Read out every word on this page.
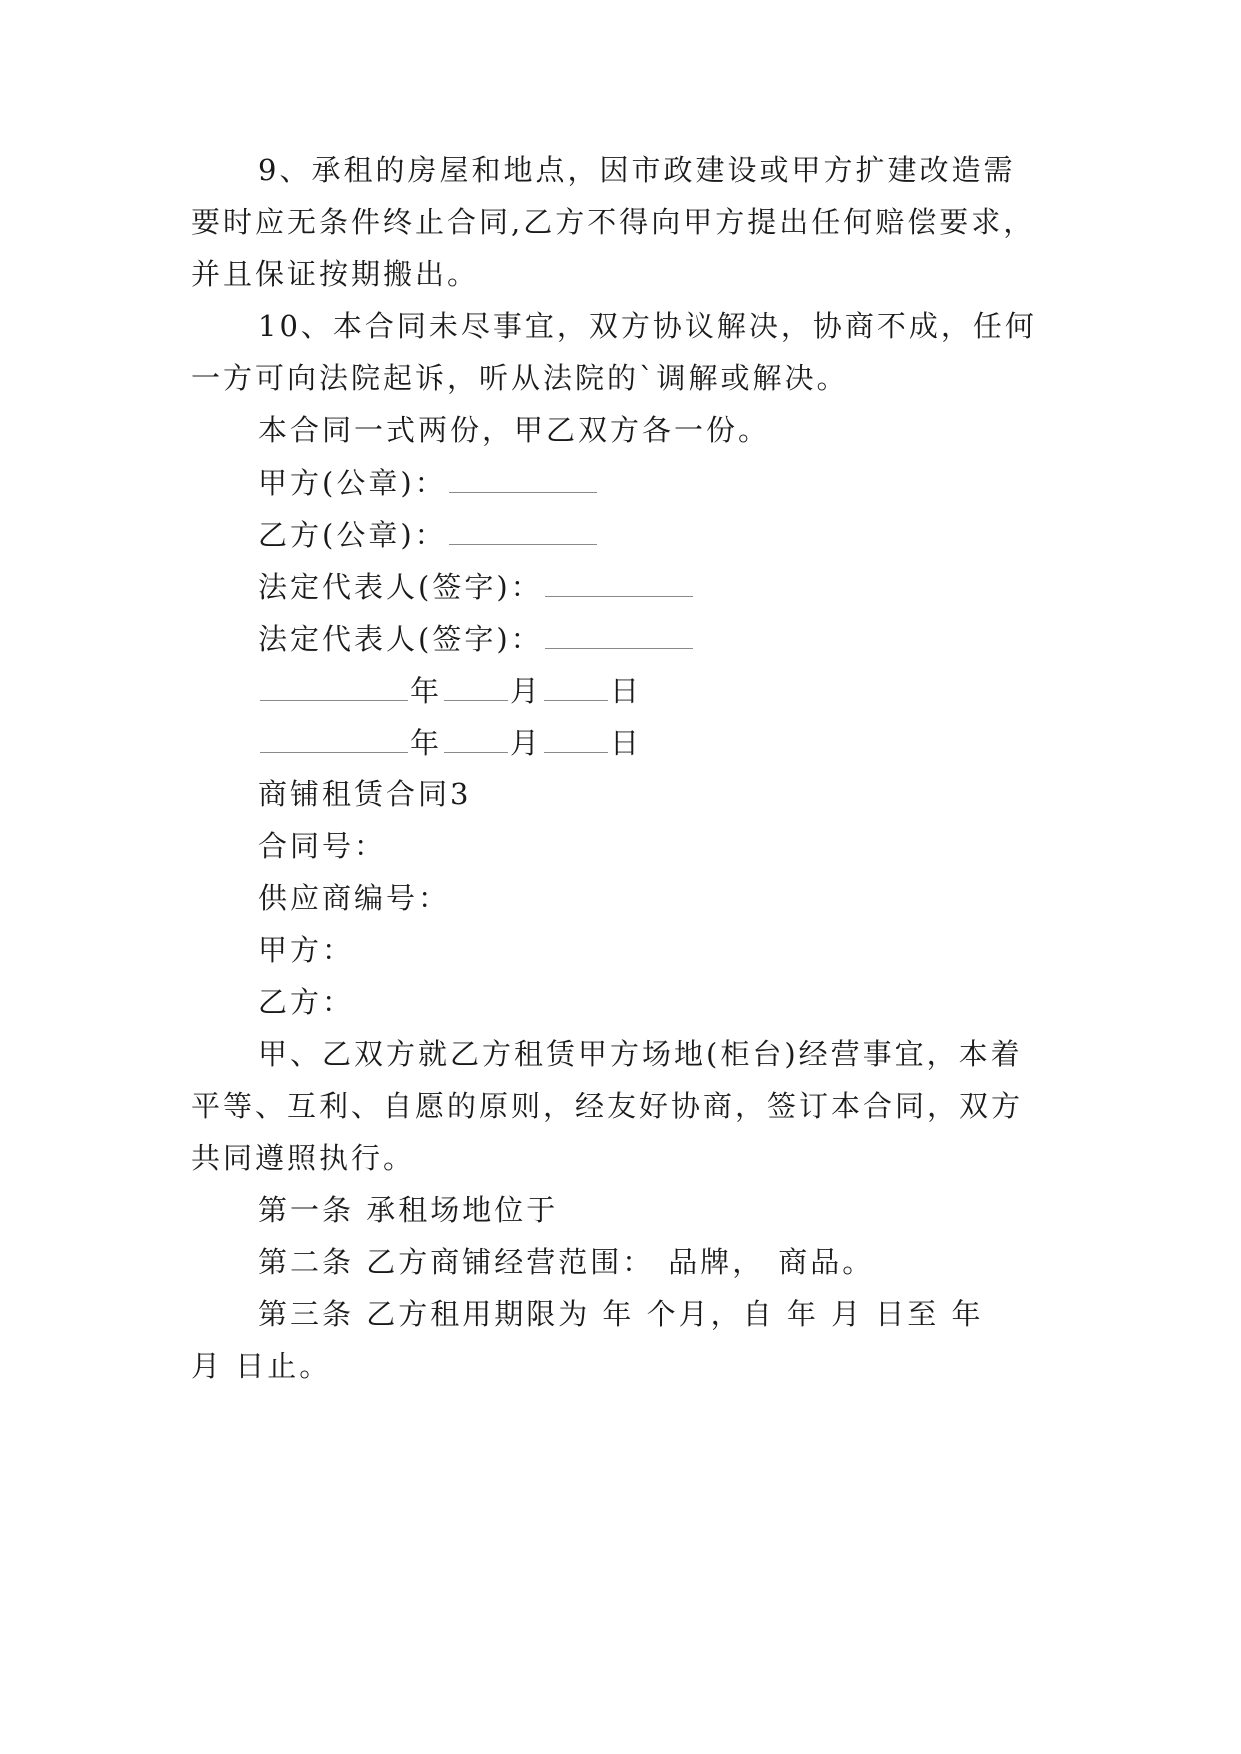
9、承租的房屋和地点，因市政建设或甲方扩建改造需
要时应无条件终止合同,乙方不得向甲方提出任何赔偿要求，
并且保证按期搬出。
10、本合同未尽事宜，双方协议解决，协商不成，任何
一方可向法院起诉，听从法院的`调解或解决。
本合同一式两份，甲乙双方各一份。
甲方(公章)：
乙方(公章)：
法定代表人(签字)：
法定代表人(签字)：
年 月 日
年 月 日
商铺租赁合同3
合同号：
供应商编号：
甲方：
乙方：
甲、乙双方就乙方租赁甲方场地(柜台)经营事宜，本着
平等、互利、自愿的原则，经友好协商，签订本合同，双方
共同遵照执行。
第一条 承租场地位于
第二条 乙方商铺经营范围： 品牌， 商品。
第三条 乙方租用期限为 年 个月，自 年 月 日至 年
月 日止。
